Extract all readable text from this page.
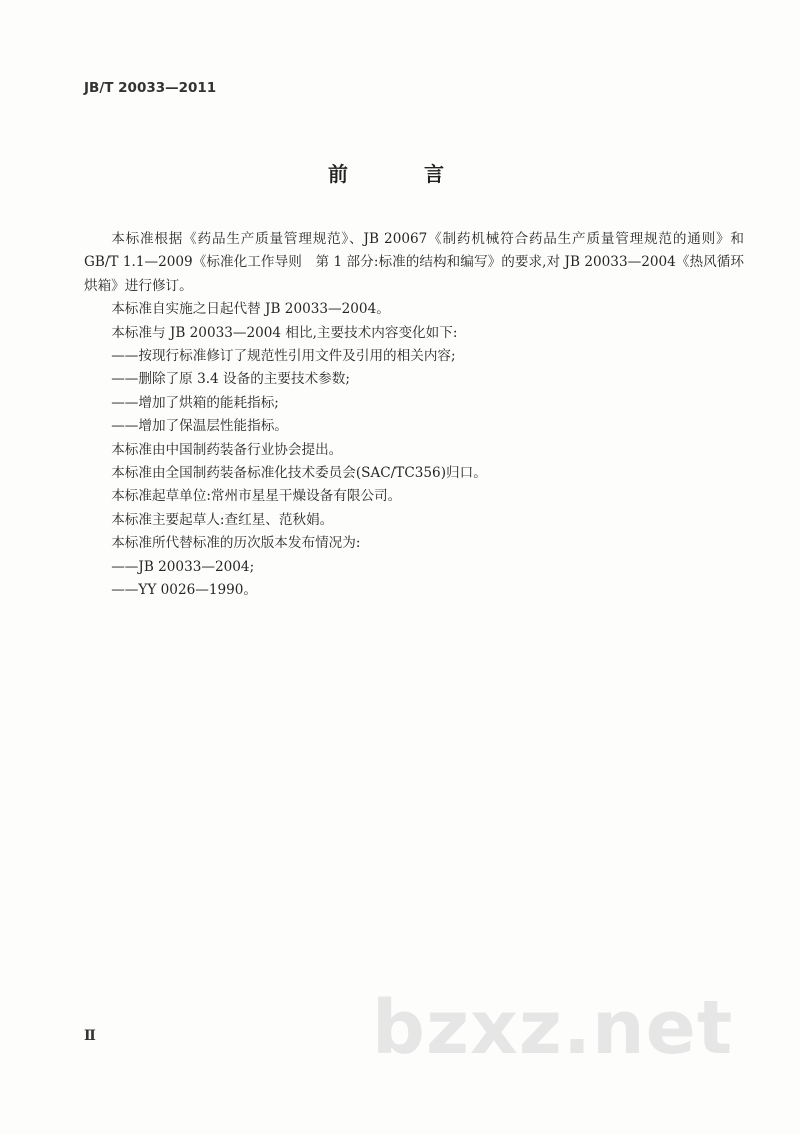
JB/T 20033—2011
前　言

本标准根据《药品生产质量管理规范》、JB 20067《制药机械符合药品生产质量管理规范的通则》和 GB/T 1.1—2009《标准化工作导则　第 1 部分:标准的结构和编写》的要求,对 JB 20033—2004《热风循环烘箱》进行修订。

本标准自实施之日起代替 JB 20033—2004。

本标准与 JB 20033—2004 相比,主要技术内容变化如下:

——按现行标准修订了规范性引用文件及引用的相关内容;

——删除了原 3.4 设备的主要技术参数;

——增加了烘箱的能耗指标;

——增加了保温层性能指标。

本标准由中国制药装备行业协会提出。

本标准由全国制药装备标准化技术委员会(SAC/TC356)归口。

本标准起草单位:常州市星星干燥设备有限公司。

本标准主要起草人:查红星、范秋娟。

本标准所代替标准的历次版本发布情况为:

——JB 20033—2004;

——YY 0026—1990。

bzxz.net
Ⅱ
